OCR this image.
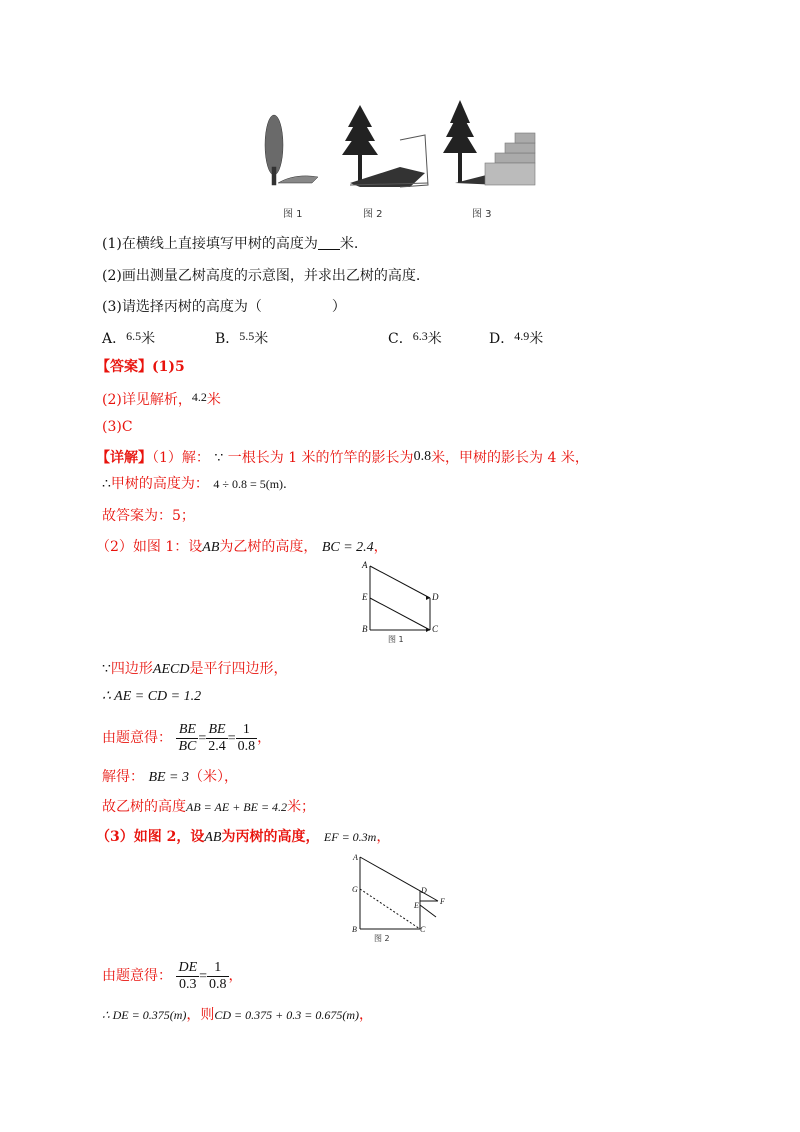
图 1	图 2	图 3
(1)在横线上直接填写甲树的高度为 米.
(2)画出测量乙树高度的示意图，并求出乙树的高度.
(3)请选择丙树的高度为（	）
A．6.5米	B．5.5米	C．6.3米	D．4.9米
【答案】(1)5
(2)详见解析，4.2米
(3)C
【详解】（1）解： ∵ 一根长为 1 米的竹竿的影长为0.8米，甲树的影长为 4 米，
∴甲树的高度为： 4 ÷ 0.8 = 5(m).
故答案为：5；
（2）如图 1：设AB为乙树的高度， BC = 2.4，
A
E
B
D
C
图 1
∵四边形AECD是平行四边形，
∴ AE = CD = 1.2
由题意得： $\frac{BE}{BC} = \frac{BE}{2.4} = \frac{1}{0.8}$ ，
解得： BE = 3（米），
故乙树的高度AB = AE + BE = 4.2米；
（3）如图 2，设AB为丙树的高度， EF = 0.3m，
A
G	D
E	F
B	C
图 2
由题意得： $\frac{DE}{0.3} = \frac{1}{0.8}$ ，
∴ DE = 0.375(m)，则CD = 0.375 + 0.3 = 0.675(m)，
